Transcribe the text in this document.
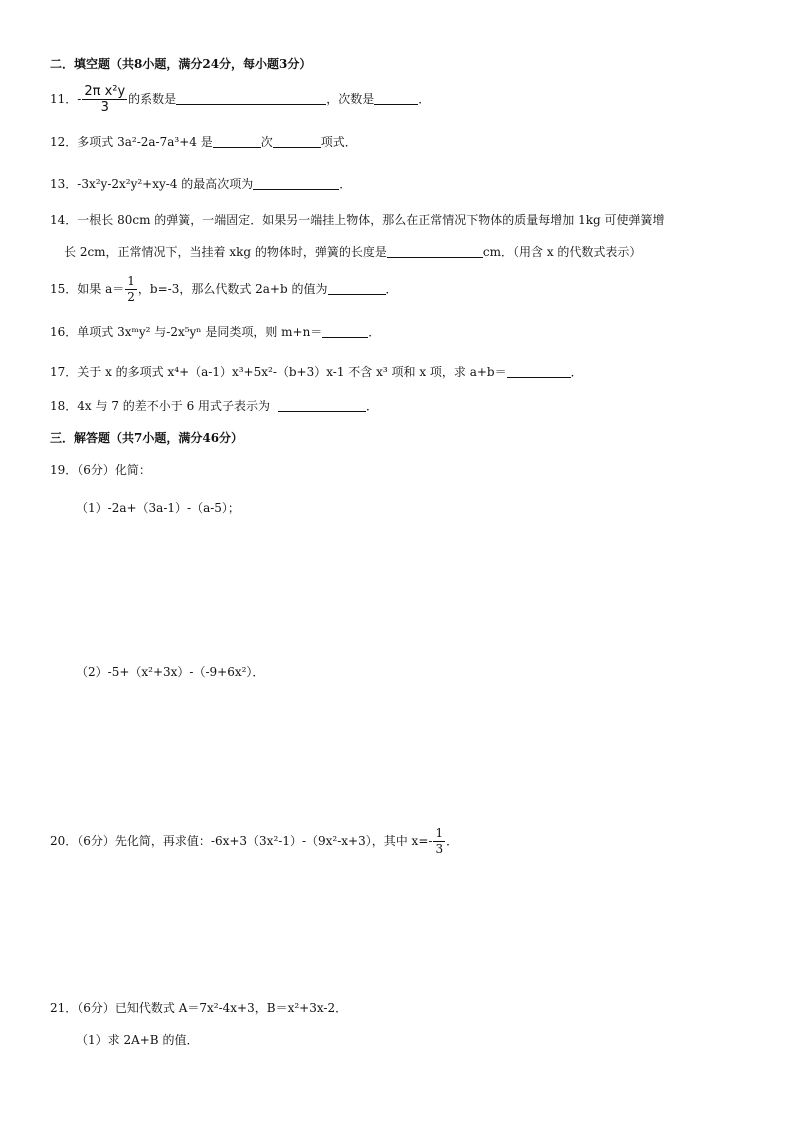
二．填空题（共8小题，满分24分，每小题3分）
11．- $\frac{\text{2π x²y}}{3}$ 的系数是	，次数是	．
12．多项式 3a²-2a-7a³+4 是	次	项式．
13．-3x²y-2x²y²+xy-4 的最高次项为	．
14．一根长 80cm 的弹簧，一端固定．如果另一端挂上物体，那么在正常情况下物体的质量每增加 1kg 可使弹簧增
长 2cm，正常情况下，当挂着 xkg 的物体时，弹簧的长度是	cm．（用含 x 的代数式表示）
15．如果 $a= \frac{1}{2}$ ，b=-3，那么代数式 2a+b 的值为	．
16．单项式 3xᵐy² 与-2x⁵yⁿ 是同类项，则 m+n＝	．
17．关于 x 的多项式 x⁴+（a-1）x³+5x²-（b+3）x-1 不含 x³ 项和 x 项，求 a+b＝	．
18．4x 与 7 的差不小于 6 用式子表示为	．
三．解答题（共7小题，满分46分）
19．（6分）化简：
（1）-2a+（3a-1）-（a-5）；
（2）-5+（x²+3x）-（-9+6x²）．
20．（6分）先化简，再求值：-6x+3（3x²-1）-（9x²-x+3），其中 $x=- \frac{1}{3}$ ．
21．（6分）已知代数式 A＝7x²-4x+3，B＝x²+3x-2．
（1）求 2A+B 的值．
